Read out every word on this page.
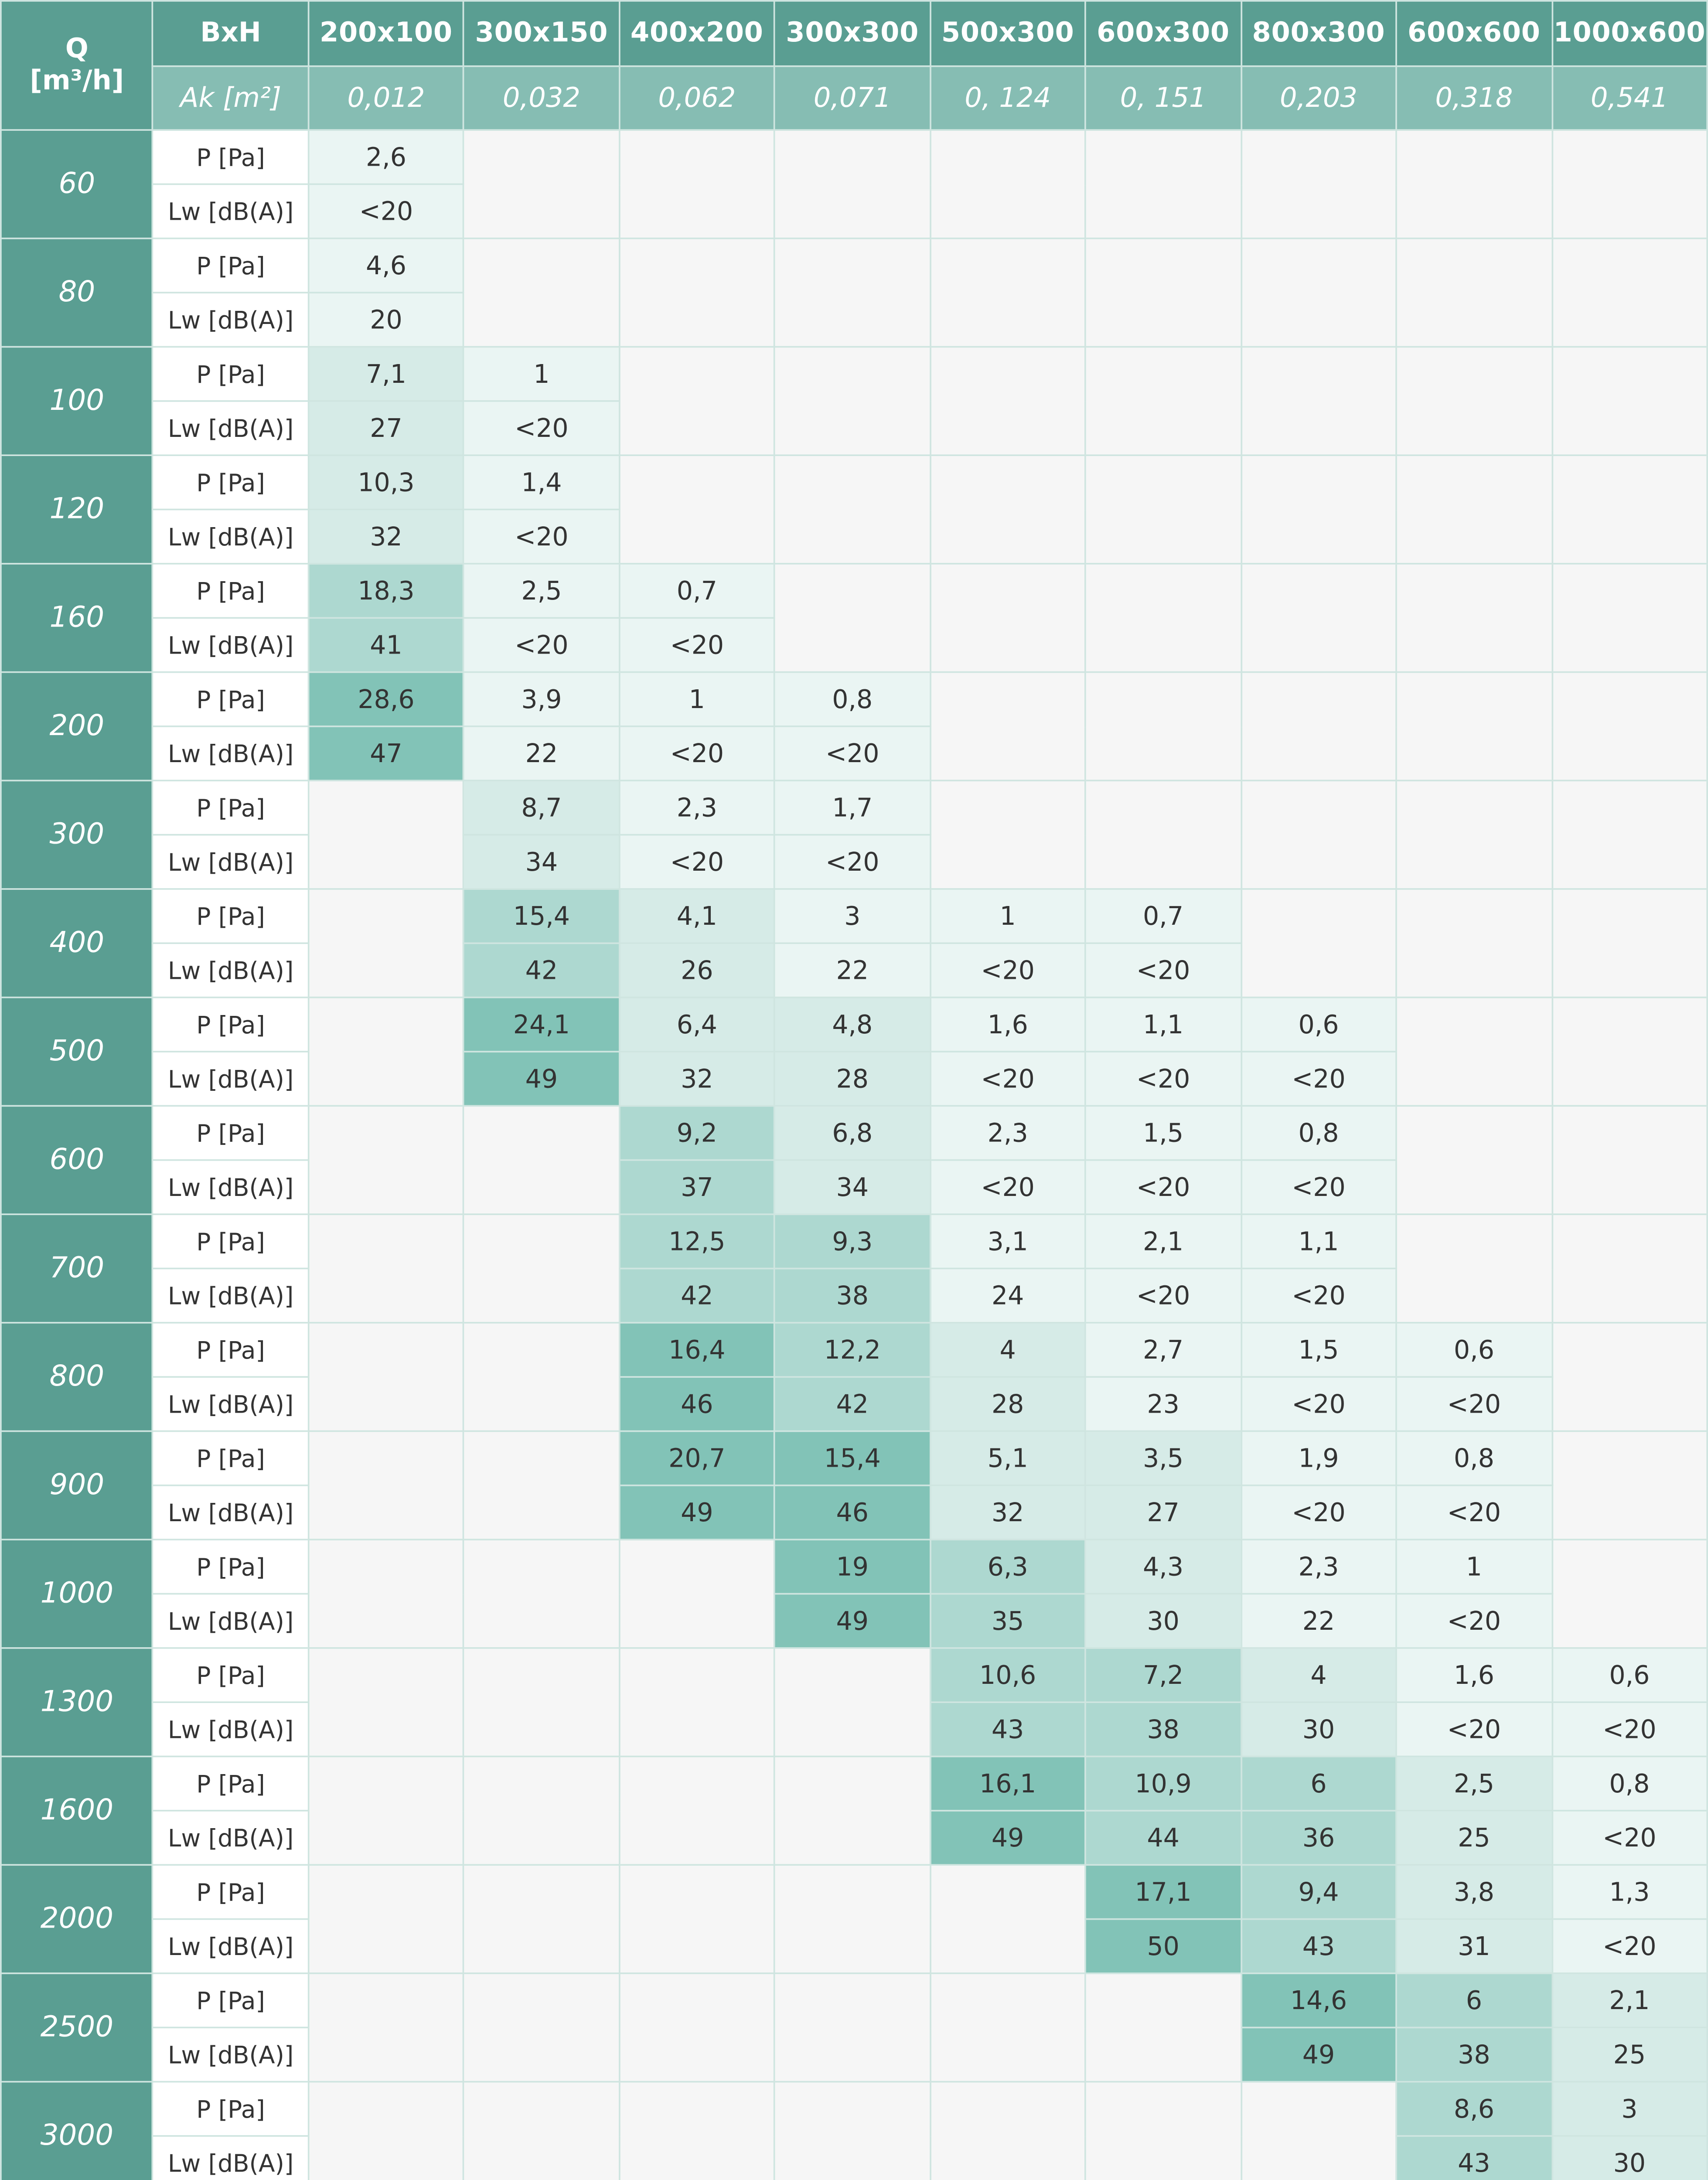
Q
[m³/h]	BxH	200x100	300x150	400x200	300x300	500x300	600x300	800x300	600x600	1000x600
	Ak [m²]	0,012	0,032	0,062	0,071	0, 124	0, 151	0,203	0,318	0,541
60	P [Pa]	2,6								
	Lw [dB(A)]	<20								
80	P [Pa]	4,6								
	Lw [dB(A)]	20								
100	P [Pa]	7,1	1							
	Lw [dB(A)]	27	<20							
120	P [Pa]	10,3	1,4							
	Lw [dB(A)]	32	<20							
160	P [Pa]	18,3	2,5	0,7						
	Lw [dB(A)]	41	<20	<20						
200	P [Pa]	28,6	3,9	1	0,8					
	Lw [dB(A)]	47	22	<20	<20					
300	P [Pa]		8,7	2,3	1,7					
	Lw [dB(A)]		34	<20	<20					
400	P [Pa]		15,4	4,1	3	1	0,7			
	Lw [dB(A)]		42	26	22	<20	<20			
500	P [Pa]		24,1	6,4	4,8	1,6	1,1	0,6		
	Lw [dB(A)]		49	32	28	<20	<20	<20		
600	P [Pa]			9,2	6,8	2,3	1,5	0,8		
	Lw [dB(A)]			37	34	<20	<20	<20		
700	P [Pa]			12,5	9,3	3,1	2,1	1,1		
	Lw [dB(A)]			42	38	24	<20	<20		
800	P [Pa]			16,4	12,2	4	2,7	1,5	0,6	
	Lw [dB(A)]			46	42	28	23	<20	<20	
900	P [Pa]			20,7	15,4	5,1	3,5	1,9	0,8	
	Lw [dB(A)]			49	46	32	27	<20	<20	
1000	P [Pa]				19	6,3	4,3	2,3	1	
	Lw [dB(A)]				49	35	30	22	<20	
1300	P [Pa]					10,6	7,2	4	1,6	0,6
	Lw [dB(A)]					43	38	30	<20	<20
1600	P [Pa]					16,1	10,9	6	2,5	0,8
	Lw [dB(A)]					49	44	36	25	<20
2000	P [Pa]						17,1	9,4	3,8	1,3
	Lw [dB(A)]						50	43	31	<20
2500	P [Pa]							14,6	6	2,1
	Lw [dB(A)]							49	38	25
3000	P [Pa]								8,6	3
	Lw [dB(A)]								43	30
